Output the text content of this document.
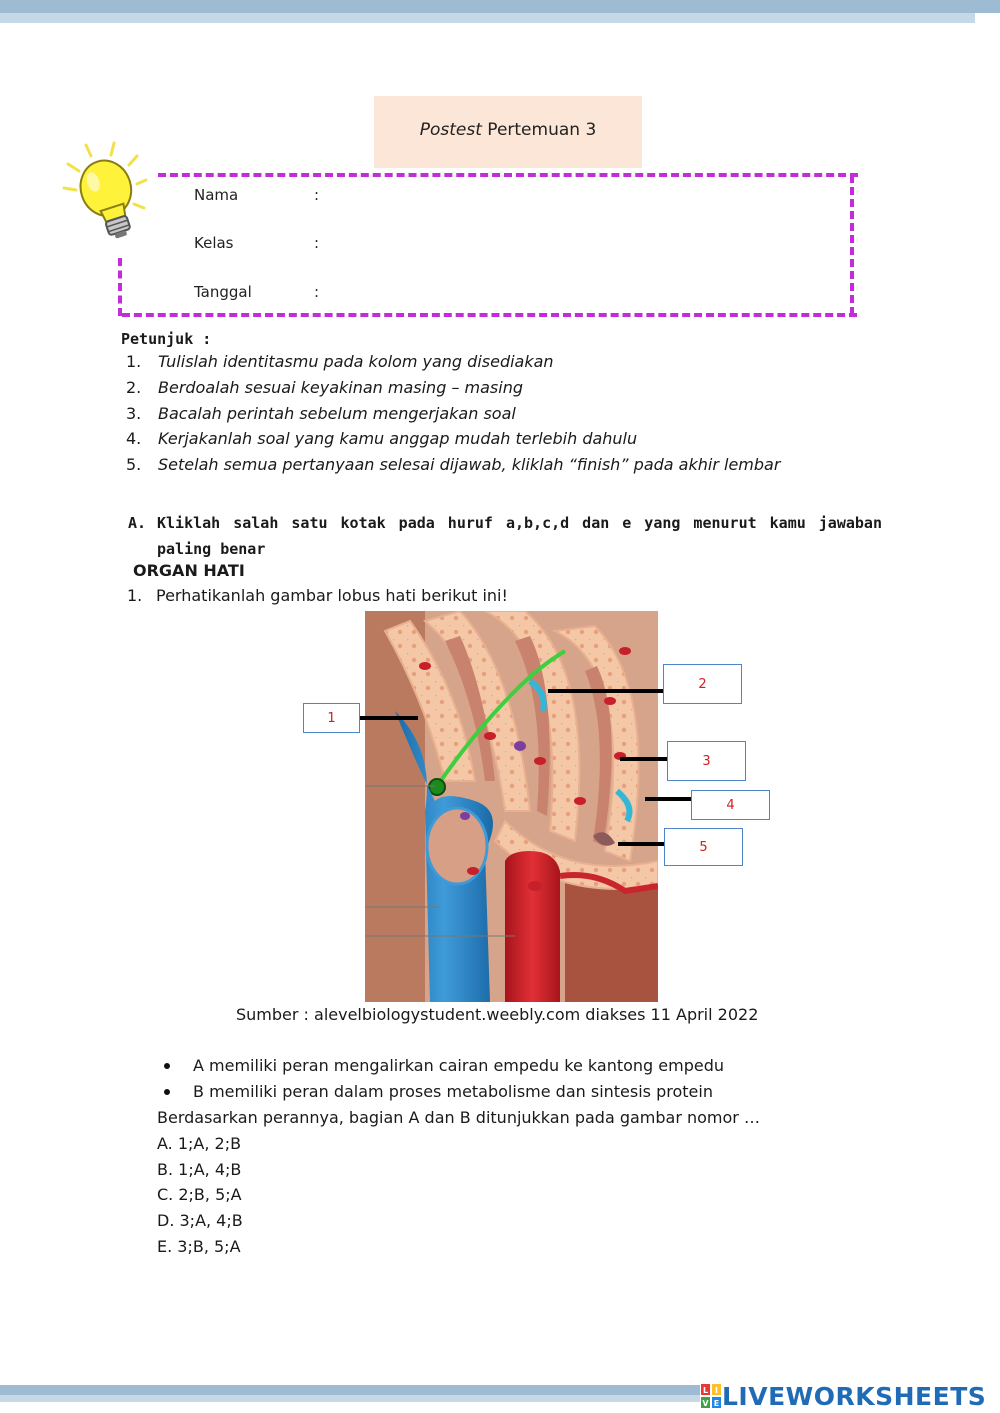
Postest Pertemuan 3
Nama	:
Kelas	:
Tanggal	:
Petunjuk :
1. Tulislah identitasmu pada kolom yang disediakan
2. Berdoalah sesuai keyakinan masing – masing
3. Bacalah perintah sebelum mengerjakan soal
4. Kerjakanlah soal yang kamu anggap mudah terlebih dahulu
5. Setelah semua pertanyaan selesai dijawab, kliklah “finish” pada akhir lembar
A. Kliklah salah satu kotak pada huruf a,b,c,d dan e yang menurut kamu jawaban paling benar
ORGAN HATI
1. Perhatikanlah gambar lobus hati berikut ini!
1
2
3
4
5
Sumber : alevelbiologystudent.weebly.com diakses 11 April 2022
A memiliki peran mengalirkan cairan empedu ke kantong empedu
B memiliki peran dalam proses metabolisme dan sintesis protein
Berdasarkan perannya, bagian A dan B ditunjukkan pada gambar nomor …
A. 1;A, 2;B
B. 1;A, 4;B
C. 2;B, 5;A
D. 3;A, 4;B
E. 3;B, 5;A
L I
V E LIVEWORKSHEETS
